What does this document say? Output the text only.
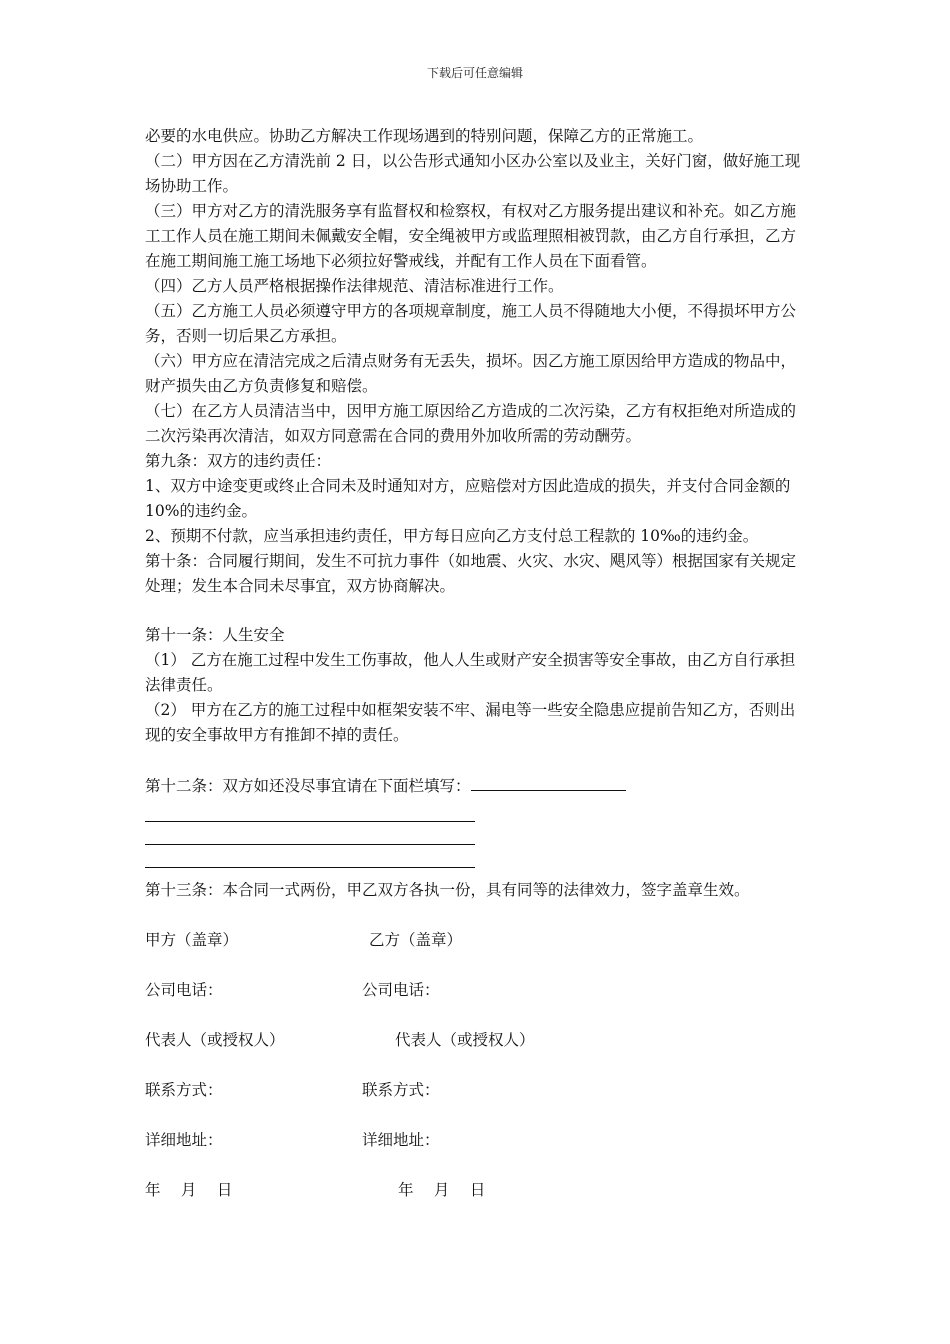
下载后可任意编辑

必要的水电供应。协助乙方解决工作现场遇到的特别问题，保障乙方的正常施工。

（二）甲方因在乙方清洗前 2 日，以公告形式通知小区办公室以及业主，关好门窗，做好施工现场协助工作。

（三）甲方对乙方的清洗服务享有监督权和检察权，有权对乙方服务提出建议和补充。如乙方施工工作人员在施工期间未佩戴安全帽，安全绳被甲方或监理照相被罚款，由乙方自行承担，乙方在施工期间施工施工场地下必须拉好警戒线，并配有工作人员在下面看管。

（四）乙方人员严格根据操作法律规范、清洁标准进行工作。

（五）乙方施工人员必须遵守甲方的各项规章制度，施工人员不得随地大小便，不得损坏甲方公务，否则一切后果乙方承担。

（六）甲方应在清洁完成之后清点财务有无丢失，损坏。因乙方施工原因给甲方造成的物品中，财产损失由乙方负责修复和赔偿。

（七）在乙方人员清洁当中，因甲方施工原因给乙方造成的二次污染，乙方有权拒绝对所造成的二次污染再次清洁，如双方同意需在合同的费用外加收所需的劳动酬劳。

第九条：双方的违约责任：

1、双方中途变更或终止合同未及时通知对方，应赔偿对方因此造成的损失，并支付合同金额的 10%的违约金。

2、预期不付款，应当承担违约责任，甲方每日应向乙方支付总工程款的 10‰的违约金。

第十条：合同履行期间，发生不可抗力事件（如地震、火灾、水灾、飓风等）根据国家有关规定处理；发生本合同未尽事宜，双方协商解决。

第十一条：人生安全

（1） 乙方在施工过程中发生工伤事故，他人人生或财产安全损害等安全事故，由乙方自行承担法律责任。

（2） 甲方在乙方的施工过程中如框架安装不牢、漏电等一些安全隐患应提前告知乙方，否则出现的安全事故甲方有推卸不掉的责任。

第十二条：双方如还没尽事宜请在下面栏填写：

第十三条：本合同一式两份，甲乙双方各执一份，具有同等的法律效力，签字盖章生效。

甲方（盖章）	乙方（盖章）
公司电话：	公司电话：
代表人（或授权人）	代表人（或授权人）
联系方式：	联系方式：
详细地址：	详细地址：
年　 月　 日	年　 月　 日
